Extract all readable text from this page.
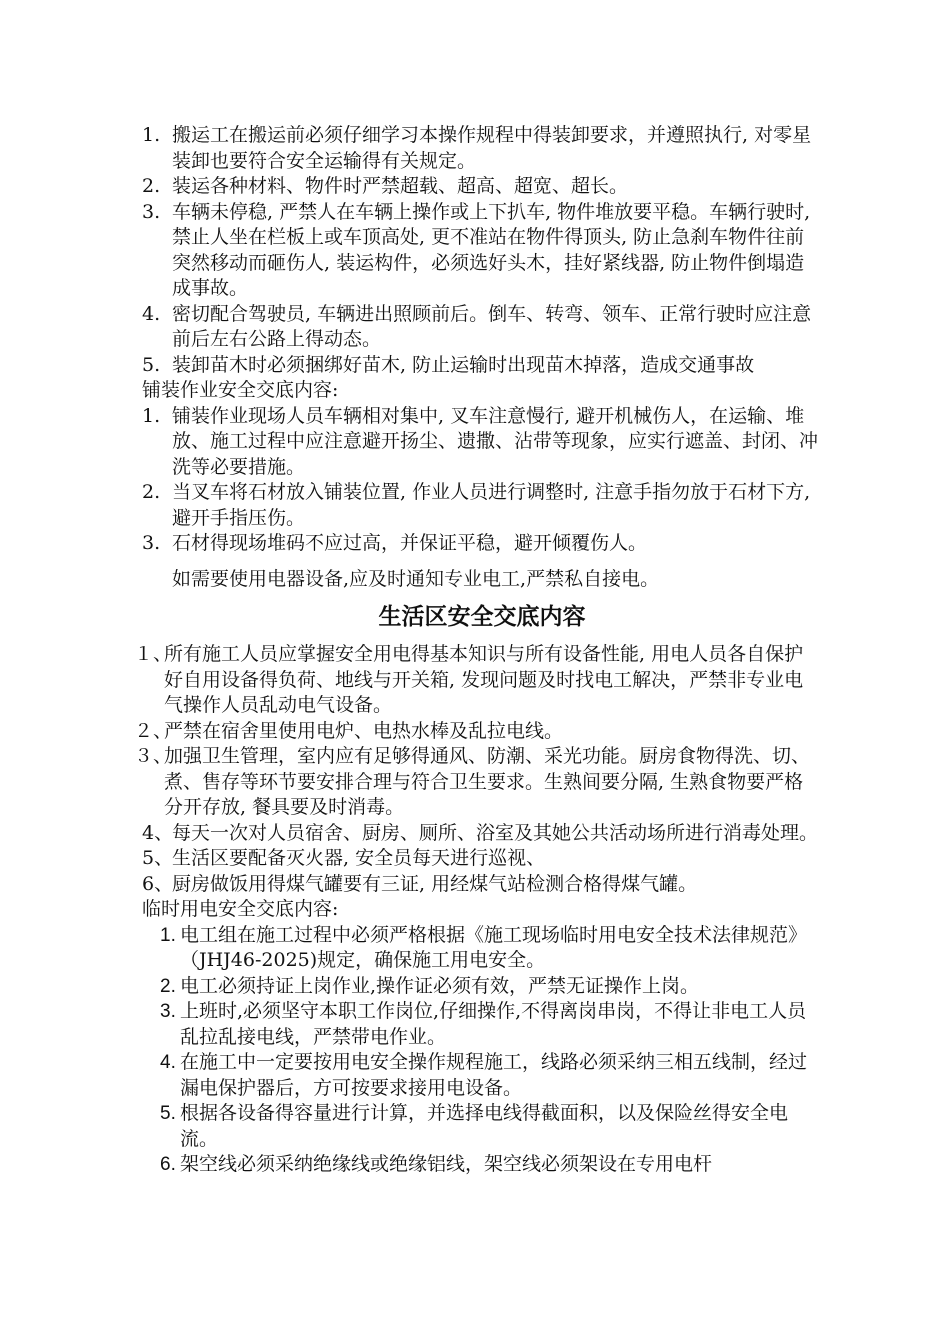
1. 搬运工在搬运前必须仔细学习本操作规程中得装卸要求，并遵照执行, 对零星装卸也要符合安全运输得有关规定。
2. 装运各种材料、物件时严禁超载、超高、超宽、超长。
3. 车辆未停稳, 严禁人在车辆上操作或上下扒车, 物件堆放要平稳。车辆行驶时, 禁止人坐在栏板上或车顶高处, 更不准站在物件得顶头, 防止急刹车物件往前突然移动而砸伤人, 装运构件，必须选好头木，挂好紧线器, 防止物件倒塌造成事故。
4. 密切配合驾驶员, 车辆进出照顾前后。倒车、转弯、领车、正常行驶时应注意前后左右公路上得动态。
5. 装卸苗木时必须捆绑好苗木, 防止运输时出现苗木掉落，造成交通事故
铺装作业安全交底内容:
1. 铺装作业现场人员车辆相对集中, 叉车注意慢行, 避开机械伤人，在运输、堆放、施工过程中应注意避开扬尘、遗撒、沾带等现象，应实行遮盖、封闭、冲洗等必要措施。
2. 当叉车将石材放入铺装位置, 作业人员进行调整时, 注意手指勿放于石材下方, 避开手指压伤。
3. 石材得现场堆码不应过高，并保证平稳，避开倾覆伤人。
如需要使用电器设备,应及时通知专业电工,严禁私自接电。
生活区安全交底内容
１、
所有施工人员应掌握安全用电得基本知识与所有设备性能, 用电人员各自保护好自用设备得负荷、地线与开关箱, 发现问题及时找电工解决，严禁非专业电气操作人员乱动电气设备。
２、
严禁在宿舍里使用电炉、电热水棒及乱拉电线。
３、
加强卫生管理，室内应有足够得通风、防潮、采光功能。厨房食物得洗、切、煮、售存等环节要安排合理与符合卫生要求。生熟间要分隔, 生熟食物要严格分开存放, 餐具要及时消毒。
4、
每天一次对人员宿舍、厨房、厕所、浴室及其她公共活动场所进行消毒处理。
5、
生活区要配备灭火器, 安全员每天进行巡视、
6、
厨房做饭用得煤气罐要有三证, 用经煤气站检测合格得煤气罐。
临时用电安全交底内容:
1. 电工组在施工过程中必须严格根据《施工现场临时用电安全技术法律规范》（JHJ46-2025)规定，确保施工用电安全。
2. 电工必须持证上岗作业,操作证必须有效，严禁无证操作上岗。
3. 上班时,必须坚守本职工作岗位,仔细操作,不得离岗串岗，不得让非电工人员乱拉乱接电线，严禁带电作业。
4. 在施工中一定要按用电安全操作规程施工，线路必须采纳三相五线制，经过漏电保护器后，方可按要求接用电设备。
5. 根据各设备得容量进行计算，并选择电线得截面积，以及保险丝得安全电流。
6. 架空线必须采纳绝缘线或绝缘铝线，架空线必须架设在专用电杆
